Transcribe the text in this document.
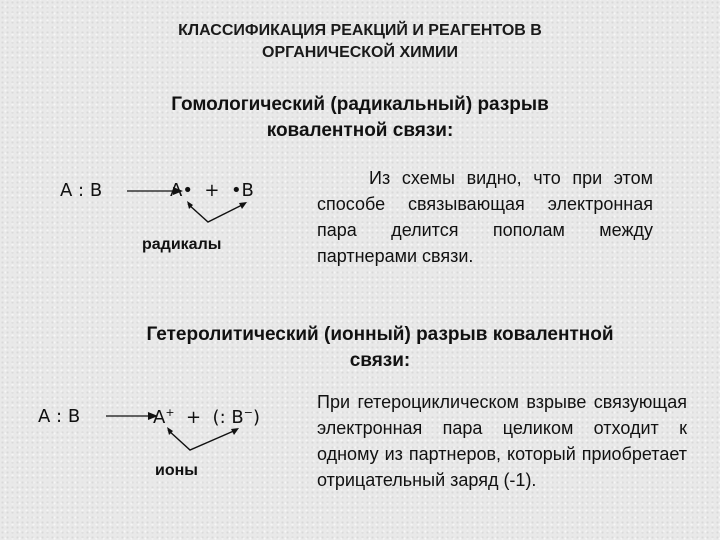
КЛАССИФИКАЦИЯ РЕАКЦИЙ И РЕАГЕНТОВ В
ОРГАНИЧЕСКОЙ ХИМИИ
Гомологический (радикальный) разрыв
ковалентной связи:
A : B	A• + •B
радикалы
Из схемы видно, что при этом способе связывающая электронная пара делится пополам между партнерами связи.
Гетеролитический (ионный) разрыв ковалентной
связи:
A : B	A+ + (: B−)
ионы
При гетероциклическом взрыве связующая электронная пара целиком отходит к одному из партнеров, который приобретает отрицательный заряд (-1).
